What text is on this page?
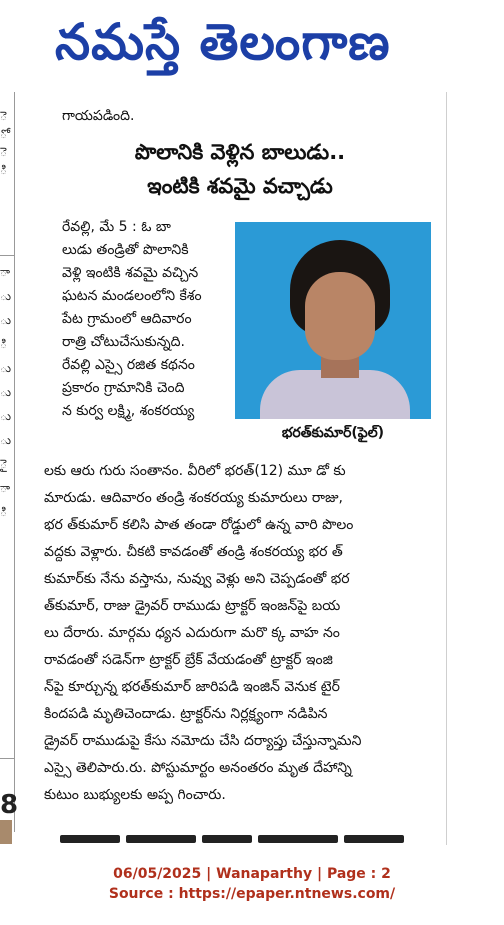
నమస్తే తెలంగాణ
ె
ో
ె
ి
ా
ు
ు
ి
ు
ు
ు
ు
ై
ా
ి
8
గాయపడింది.
పొలానికి వెళ్లిన బాలుడు..
ఇంటికి శవమై వచ్చాడు
రేవల్లి, మే 5 : ఓ బా
లుడు తండ్రితో పొలానికి
వెళ్లి ఇంటికి శవమై వచ్చిన
ఘటన మండలంలోని కేశం
పేట గ్రామంలో ఆదివారం
రాత్రి చోటుచేసుకున్నది.
రేవల్లి ఎస్సై రజిత కథనం
ప్రకారం గ్రామానికి చెంది
న కుర్వ లక్ష్మి, శంకరయ్య
భరత్‌కుమార్(ఫైల్)
లకు ఆరు గురు సంతానం. వీరిలో భరత్(12) మూ డో కు
మారుడు. ఆదివారం తండ్రి శంకరయ్య కుమారులు రాజు,
భర త్‌కుమార్ కలిసి పాత తండా రోడ్డులో ఉన్న వారి పొలం
వద్దకు వెళ్లారు. చీకటి కావడంతో తండ్రి శంకరయ్య భర త్
కుమార్‌కు నేను వస్తాను, నువ్వు వెళ్లు అని చెప్పడంతో భర
త్‌కుమార్, రాజు డ్రైవర్ రాముడు ట్రాక్టర్ ఇంజన్‌పై బయ
లు దేరారు. మార్గమ ధ్యన ఎదురుగా మరొ క్క వాహ నం
రావడంతో సడెన్‌గా ట్రాక్టర్ బ్రేక్ వేయడంతో ట్రాక్టర్ ఇంజి
న్‌పై కూర్చున్న భరత్‌కుమార్ జారిపడి ఇంజిన్ వెనుక టైర్
కిందపడి మృతిచెందాడు. ట్రాక్టర్‌ను నిర్లక్ష్యంగా నడిపిన
డ్రైవర్ రాముడుపై కేసు నమోదు చేసి దర్యాప్తు చేస్తున్నామని
ఎస్సై తెలిపారు.రు. పోస్టుమార్టం అనంతరం మృత దేహాన్ని
కుటుం బుభ్యులకు అప్ప గించారు.
06/05/2025 | Wanaparthy | Page : 2
Source : https://epaper.ntnews.com/
